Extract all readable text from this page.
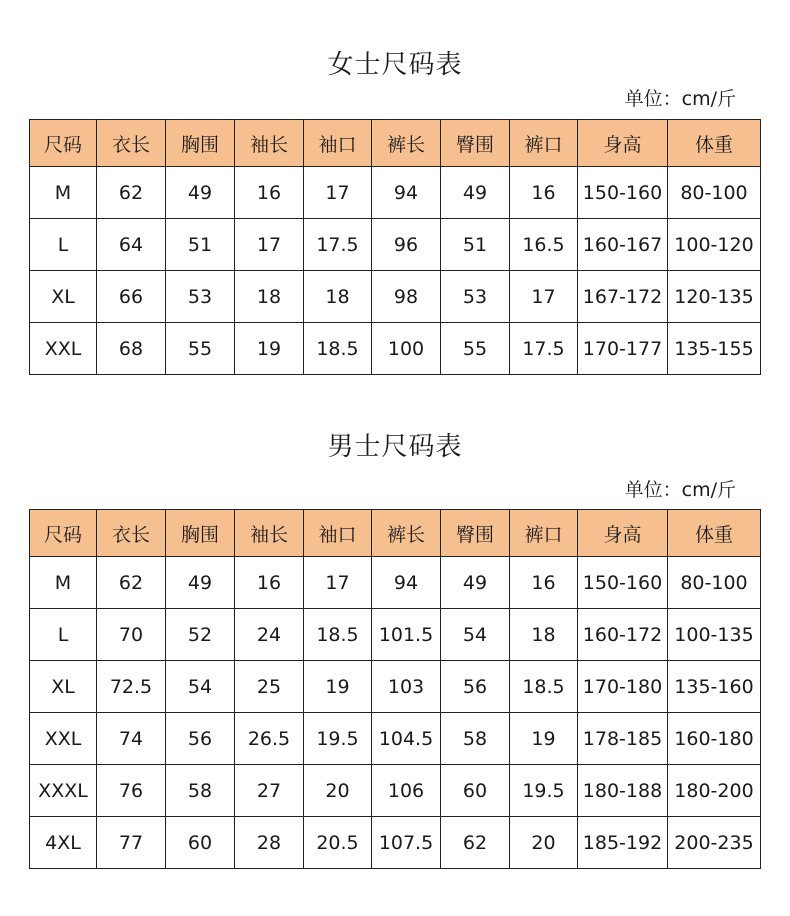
女士尺码表
单位：cm/斤
尺码	衣长	胸围	袖长	袖口	裤长	臀围	裤口	身高	体重
M	62	49	16	17	94	49	16	150-160	80-100
L	64	51	17	17.5	96	51	16.5	160-167	100-120
XL	66	53	18	18	98	53	17	167-172	120-135
XXL	68	55	19	18.5	100	55	17.5	170-177	135-155
男士尺码表
单位：cm/斤
尺码	衣长	胸围	袖长	袖口	裤长	臀围	裤口	身高	体重
M	62	49	16	17	94	49	16	150-160	80-100
L	70	52	24	18.5	101.5	54	18	160-172	100-135
XL	72.5	54	25	19	103	56	18.5	170-180	135-160
XXL	74	56	26.5	19.5	104.5	58	19	178-185	160-180
XXXL	76	58	27	20	106	60	19.5	180-188	180-200
4XL	77	60	28	20.5	107.5	62	20	185-192	200-235
